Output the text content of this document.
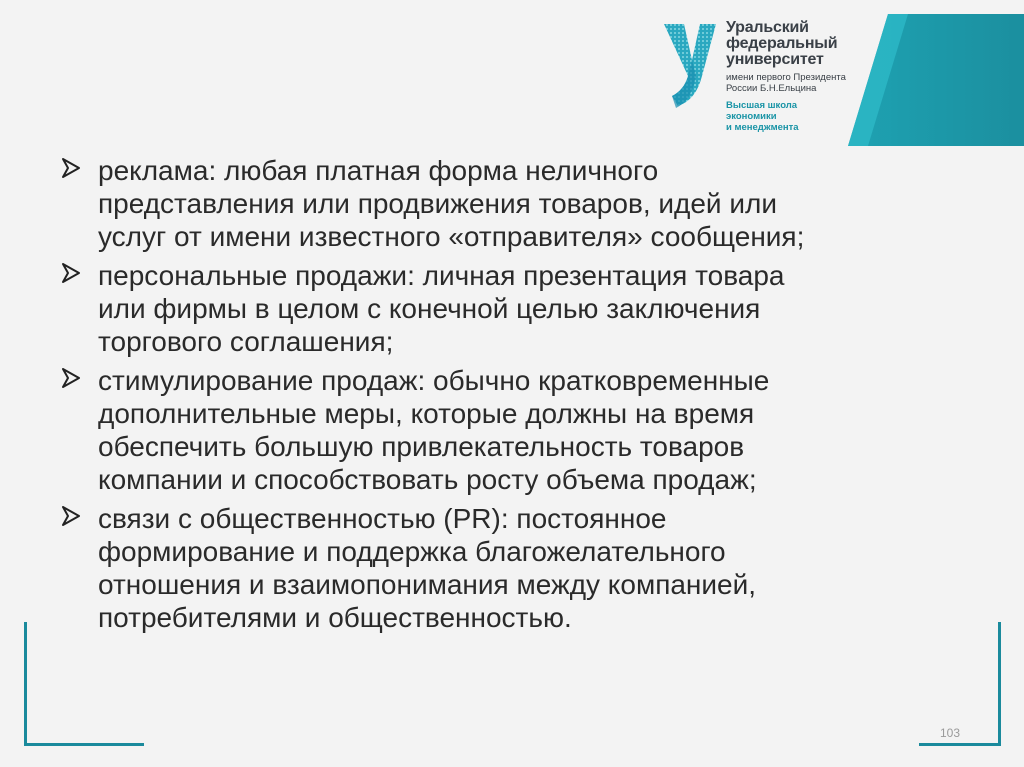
Уральский
федеральный
университет
имени первого Президента
России Б.Н.Ельцина
Высшая школа
экономики
и менеджмента
реклама: любая платная форма неличного
представления или продвижения товаров, идей или
услуг от имени известного «отправителя» сообщения;
персональные продажи: личная презентация товара
или фирмы в целом с конечной целью заключения
торгового соглашения;
стимулирование продаж: обычно кратковременные
дополнительные меры, которые должны на время
обеспечить большую привлекательность товаров
компании и способствовать росту объема продаж;
связи с общественностью (PR): постоянное
формирование и поддержка благожелательного
отношения и взаимопонимания между компанией,
потребителями и общественностью.
103
